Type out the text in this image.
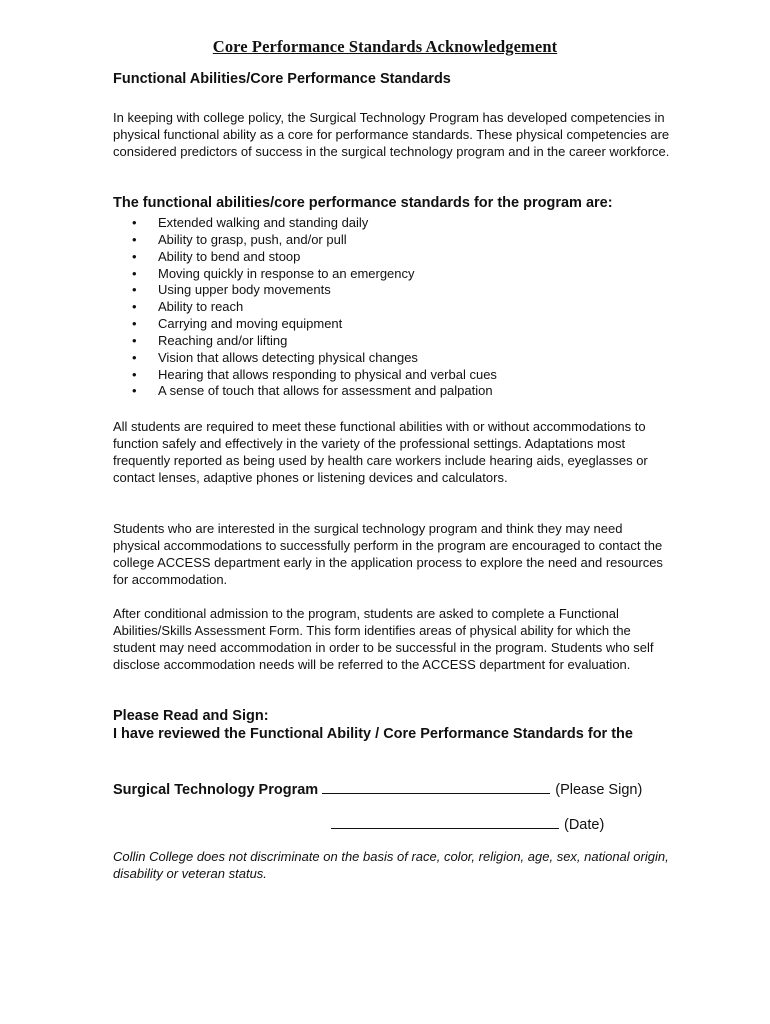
Core Performance Standards Acknowledgement
Functional Abilities/Core Performance Standards
In keeping with college policy, the Surgical Technology Program has developed competencies in physical functional ability as a core for performance standards. These physical competencies are considered predictors of success in the surgical technology program and in the career workforce.
The functional abilities/core performance standards for the program are:
• Extended walking and standing daily
• Ability to grasp, push, and/or pull
• Ability to bend and stoop
• Moving quickly in response to an emergency
• Using upper body movements
• Ability to reach
• Carrying and moving equipment
• Reaching and/or lifting
• Vision that allows detecting physical changes
• Hearing that allows responding to physical and verbal cues
• A sense of touch that allows for assessment and palpation
All students are required to meet these functional abilities with or without accommodations to function safely and effectively in the variety of the professional settings. Adaptations most frequently reported as being used by health care workers include hearing aids, eyeglasses or contact lenses, adaptive phones or listening devices and calculators.
Students who are interested in the surgical technology program and think they may need physical accommodations to successfully perform in the program are encouraged to contact the college ACCESS department early in the application process to explore the need and resources for accommodation.
After conditional admission to the program, students are asked to complete a Functional Abilities/Skills Assessment Form. This form identifies areas of physical ability for which the student may need accommodation in order to be successful in the program. Students who self disclose accommodation needs will be referred to the ACCESS department for evaluation.
Please Read and Sign:
I have reviewed the Functional Ability / Core Performance Standards for the
Surgical Technology Program	(Please Sign)
(Date)
Collin College does not discriminate on the basis of race, color, religion, age, sex, national origin, disability or veteran status.
